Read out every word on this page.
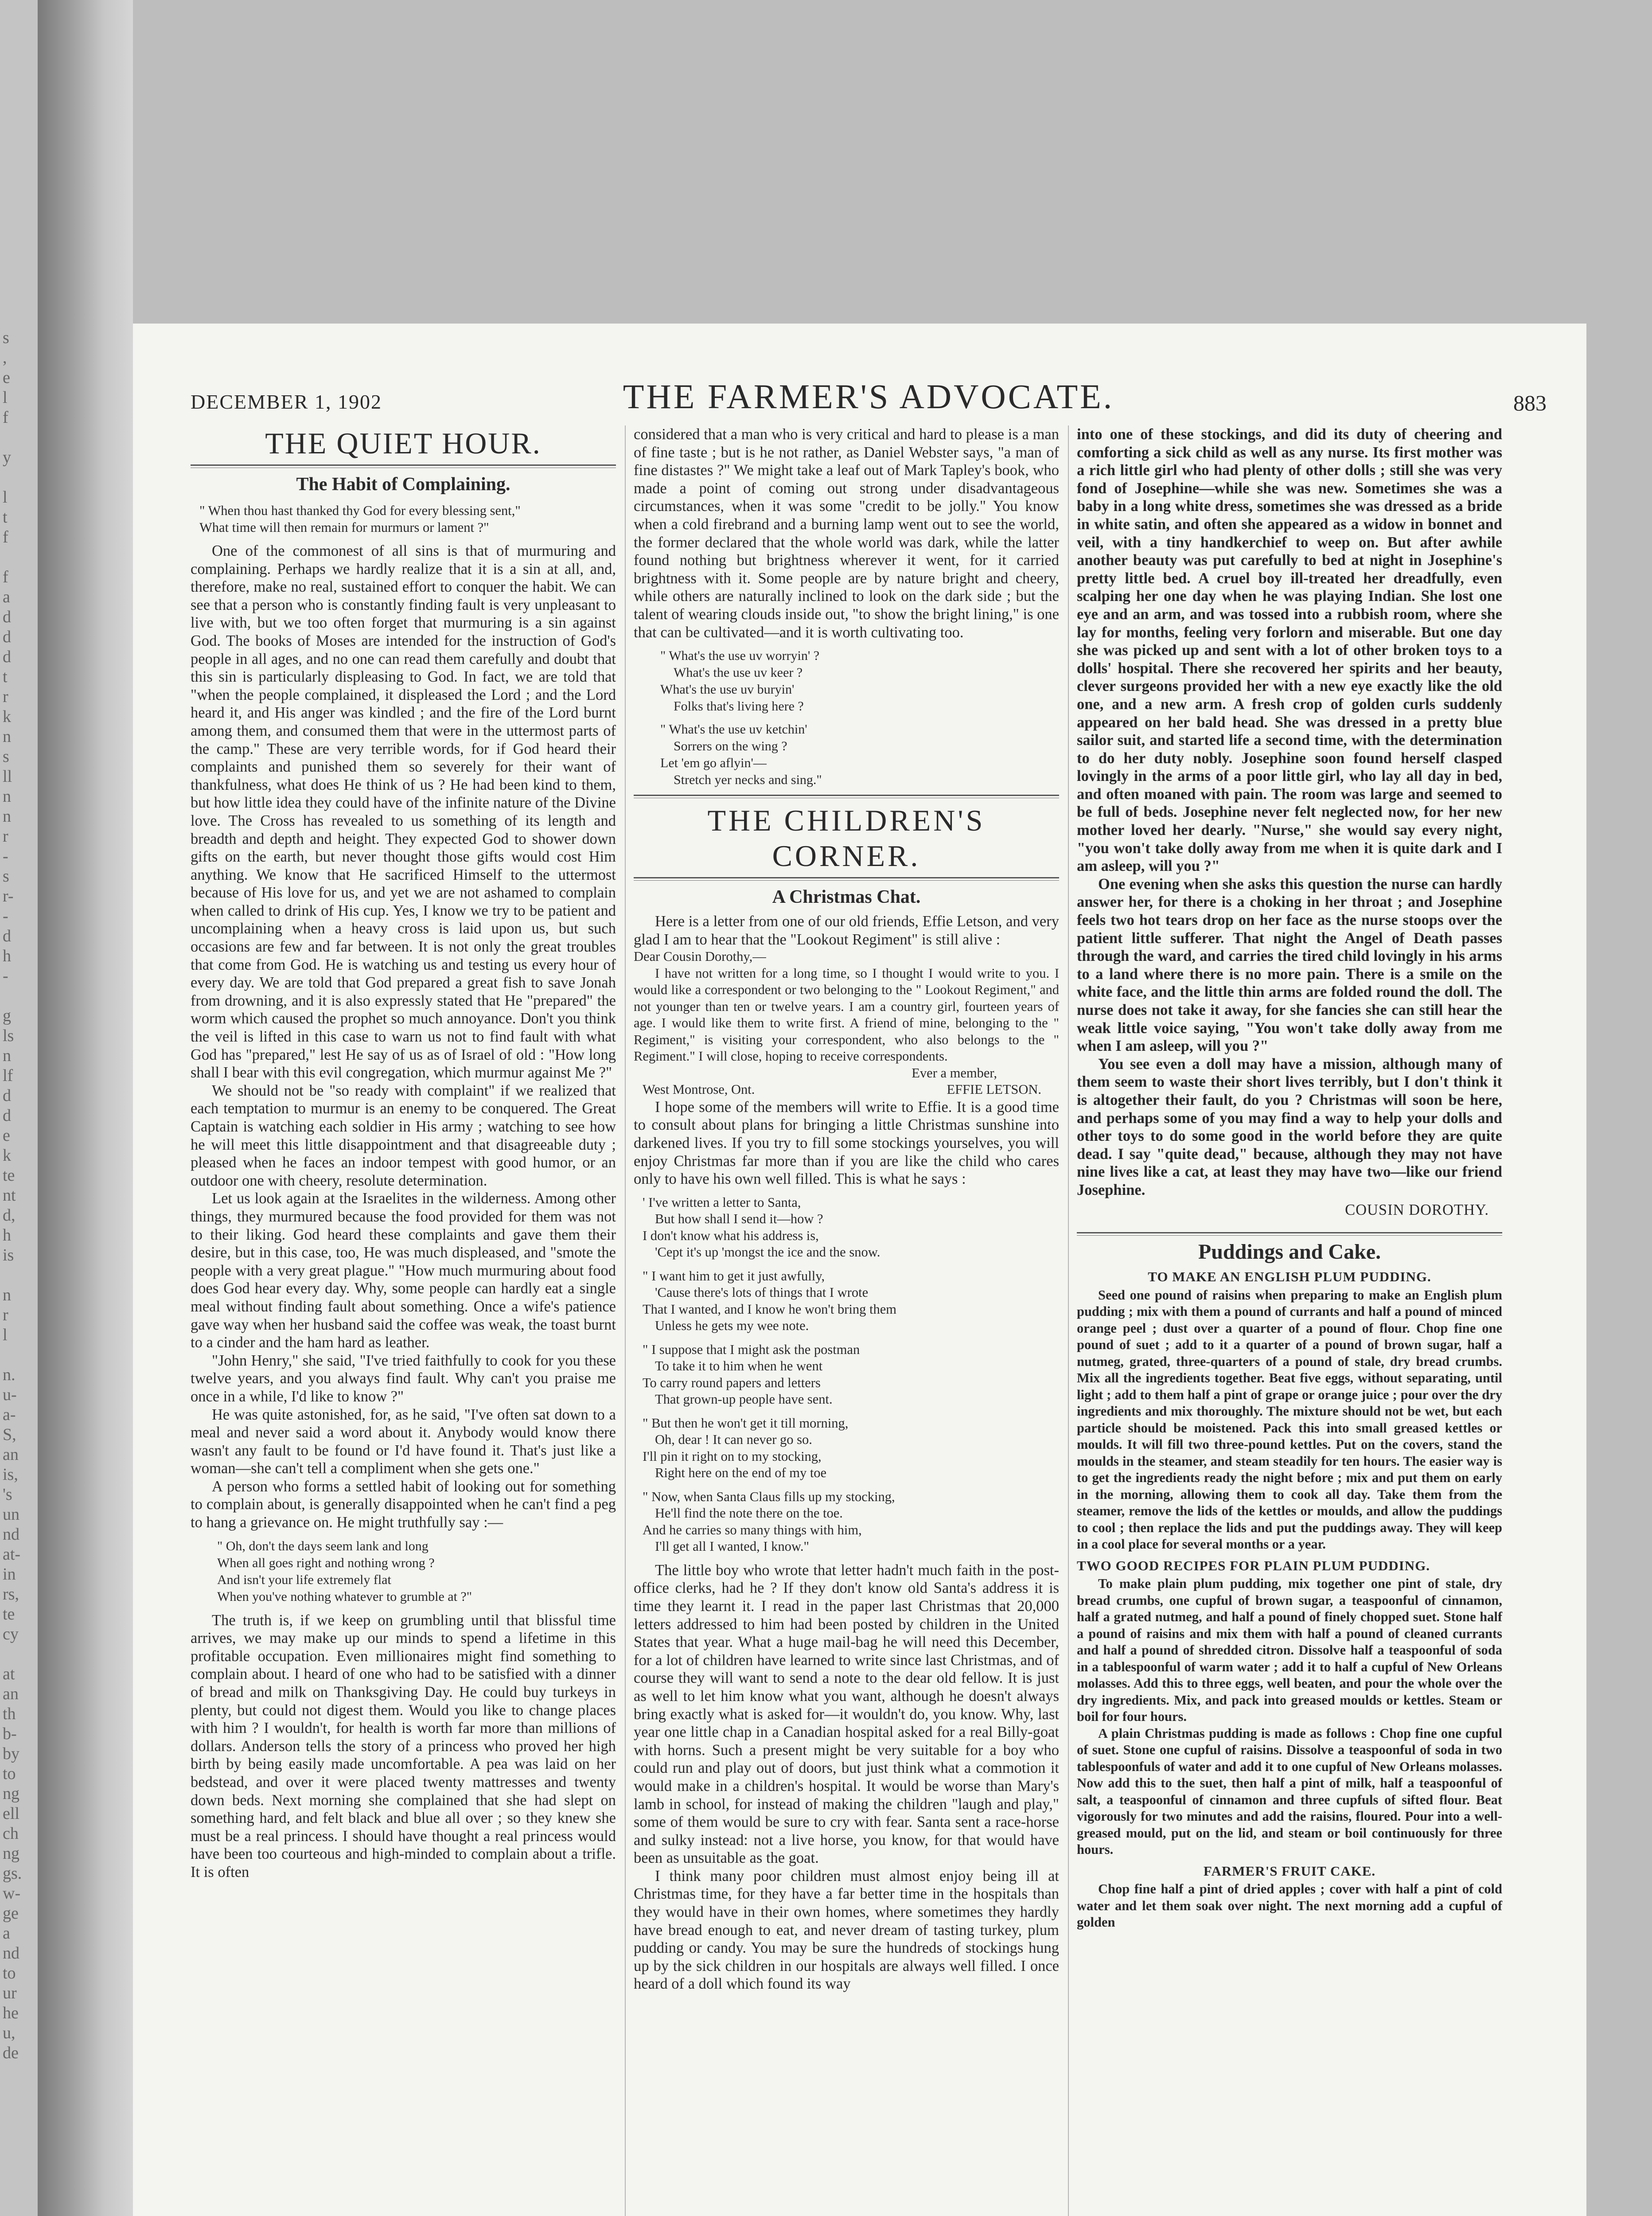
s
,
e
l
f

y

l
t
f

f
a
d
d
d
t
r
k
n
s
ll
n
n
r
-
s
r-
-
d
h
-

g
ls
n
lf
d
d
e
k
te
nt
d,
h
is

n
r
l

n.
u-
a-
S,
an
is,
's
un
nd
at-
in
rs,
te
cy

at
an
th
b-
by
to
ng
ell
ch
ng
gs.
w-
ge
a
nd
to
ur
he
u,
de
DECEMBER 1, 1902	THE FARMER'S ADVOCATE.	883
THE QUIET HOUR.
The Habit of Complaining.
" When thou hast thanked thy God for every blessing sent,"
What time will then remain for murmurs or lament ?"

One of the commonest of all sins is that of murmuring and complaining. Perhaps we hardly realize that it is a sin at all, and, therefore, make no real, sustained effort to conquer the habit. We can see that a person who is constantly finding fault is very unpleasant to live with, but we too often forget that murmuring is a sin against God. The books of Moses are intended for the instruction of God's people in all ages, and no one can read them carefully and doubt that this sin is particularly displeasing to God. In fact, we are told that "when the people complained, it displeased the Lord ; and the Lord heard it, and His anger was kindled ; and the fire of the Lord burnt among them, and consumed them that were in the uttermost parts of the camp." These are very terrible words, for if God heard their complaints and punished them so severely for their want of thankfulness, what does He think of us ? He had been kind to them, but how little idea they could have of the infinite nature of the Divine love. The Cross has revealed to us something of its length and breadth and depth and height. They expected God to shower down gifts on the earth, but never thought those gifts would cost Him anything. We know that He sacrificed Himself to the uttermost because of His love for us, and yet we are not ashamed to complain when called to drink of His cup. Yes, I know we try to be patient and uncomplaining when a heavy cross is laid upon us, but such occasions are few and far between. It is not only the great troubles that come from God. He is watching us and testing us every hour of every day. We are told that God prepared a great fish to save Jonah from drowning, and it is also expressly stated that He "prepared" the worm which caused the prophet so much annoyance. Don't you think the veil is lifted in this case to warn us not to find fault with what God has "prepared," lest He say of us as of Israel of old : "How long shall I bear with this evil congregation, which murmur against Me ?"

We should not be "so ready with complaint" if we realized that each temptation to murmur is an enemy to be conquered. The Great Captain is watching each soldier in His army ; watching to see how he will meet this little disappointment and that disagreeable duty ; pleased when he faces an indoor tempest with good humor, or an outdoor one with cheery, resolute determination.

Let us look again at the Israelites in the wilderness. Among other things, they murmured because the food provided for them was not to their liking. God heard these complaints and gave them their desire, but in this case, too, He was much displeased, and "smote the people with a very great plague." "How much murmuring about food does God hear every day. Why, some people can hardly eat a single meal without finding fault about something. Once a wife's patience gave way when her husband said the coffee was weak, the toast burnt to a cinder and the ham hard as leather.

"John Henry," she said, "I've tried faithfully to cook for you these twelve years, and you always find fault. Why can't you praise me once in a while, I'd like to know ?"

He was quite astonished, for, as he said, "I've often sat down to a meal and never said a word about it. Anybody would know there wasn't any fault to be found or I'd have found it. That's just like a woman—she can't tell a compliment when she gets one."

A person who forms a settled habit of looking out for something to complain about, is generally disappointed when he can't find a peg to hang a grievance on. He might truthfully say :—

" Oh, don't the days seem lank and long
When all goes right and nothing wrong ?
And isn't your life extremely flat
When you've nothing whatever to grumble at ?"

The truth is, if we keep on grumbling until that blissful time arrives, we may make up our minds to spend a lifetime in this profitable occupation. Even millionaires might find something to complain about. I heard of one who had to be satisfied with a dinner of bread and milk on Thanksgiving Day. He could buy turkeys in plenty, but could not digest them. Would you like to change places with him ? I wouldn't, for health is worth far more than millions of dollars. Anderson tells the story of a princess who proved her high birth by being easily made uncomfortable. A pea was laid on her bedstead, and over it were placed twenty mattresses and twenty down beds. Next morning she complained that she had slept on something hard, and felt black and blue all over ; so they knew she must be a real princess. I should have thought a real princess would have been too courteous and high-minded to complain about a trifle. It is often

considered that a man who is very critical and hard to please is a man of fine taste ; but is he not rather, as Daniel Webster says, "a man of fine distastes ?" We might take a leaf out of Mark Tapley's book, who made a point of coming out strong under disadvantageous circumstances, when it was some "credit to be jolly." You know when a cold firebrand and a burning lamp went out to see the world, the former declared that the whole world was dark, while the latter found nothing but brightness wherever it went, for it carried brightness with it. Some people are by nature bright and cheery, while others are naturally inclined to look on the dark side ; but the talent of wearing clouds inside out, "to show the bright lining," is one that can be cultivated—and it is worth cultivating too.

" What's the use uv worryin' ?
What's the use uv keer ?
What's the use uv buryin'
Folks that's living here ?
" What's the use uv ketchin'
Sorrers on the wing ?
Let 'em go aflyin'—
Stretch yer necks and sing."
THE CHILDREN'S CORNER.
A Christmas Chat.

Here is a letter from one of our old friends, Effie Letson, and very glad I am to hear that the "Lookout Regiment" is still alive :

Dear Cousin Dorothy,—

I have not written for a long time, so I thought I would write to you. I would like a correspondent or two belonging to the " Lookout Regiment," and not younger than ten or twelve years. I am a country girl, fourteen years of age. I would like them to write first. A friend of mine, belonging to the " Regiment," is visiting your correspondent, who also belongs to the " Regiment." I will close, hoping to receive correspondents.

Ever a member,

West Montrose, Ont.	EFFIE LETSON.

I hope some of the members will write to Effie. It is a good time to consult about plans for bringing a little Christmas sunshine into darkened lives. If you try to fill some stockings yourselves, you will enjoy Christmas far more than if you are like the child who cares only to have his own well filled. This is what he says :

' I've written a letter to Santa,
But how shall I send it—how ?
I don't know what his address is,
'Cept it's up 'mongst the ice and the snow.
" I want him to get it just awfully,
'Cause there's lots of things that I wrote
That I wanted, and I know he won't bring them
Unless he gets my wee note.
" I suppose that I might ask the postman
To take it to him when he went
To carry round papers and letters
That grown-up people have sent.
" But then he won't get it till morning,
Oh, dear ! It can never go so.
I'll pin it right on to my stocking,
Right here on the end of my toe
" Now, when Santa Claus fills up my stocking,
He'll find the note there on the toe.
And he carries so many things with him,
I'll get all I wanted, I know."

The little boy who wrote that letter hadn't much faith in the post-office clerks, had he ? If they don't know old Santa's address it is time they learnt it. I read in the paper last Christmas that 20,000 letters addressed to him had been posted by children in the United States that year. What a huge mail-bag he will need this December, for a lot of children have learned to write since last Christmas, and of course they will want to send a note to the dear old fellow. It is just as well to let him know what you want, although he doesn't always bring exactly what is asked for—it wouldn't do, you know. Why, last year one little chap in a Canadian hospital asked for a real Billy-goat with horns. Such a present might be very suitable for a boy who could run and play out of doors, but just think what a commotion it would make in a children's hospital. It would be worse than Mary's lamb in school, for instead of making the children "laugh and play," some of them would be sure to cry with fear. Santa sent a race-horse and sulky instead: not a live horse, you know, for that would have been as unsuitable as the goat.

I think many poor children must almost enjoy being ill at Christmas time, for they have a far better time in the hospitals than they would have in their own homes, where sometimes they hardly have bread enough to eat, and never dream of tasting turkey, plum pudding or candy. You may be sure the hundreds of stockings hung up by the sick children in our hospitals are always well filled. I once heard of a doll which found its way

into one of these stockings, and did its duty of cheering and comforting a sick child as well as any nurse. Its first mother was a rich little girl who had plenty of other dolls ; still she was very fond of Josephine—while she was new. Sometimes she was a baby in a long white dress, sometimes she was dressed as a bride in white satin, and often she appeared as a widow in bonnet and veil, with a tiny handkerchief to weep on. But after awhile another beauty was put carefully to bed at night in Josephine's pretty little bed. A cruel boy ill-treated her dreadfully, even scalping her one day when he was playing Indian. She lost one eye and an arm, and was tossed into a rubbish room, where she lay for months, feeling very forlorn and miserable. But one day she was picked up and sent with a lot of other broken toys to a dolls' hospital. There she recovered her spirits and her beauty, clever surgeons provided her with a new eye exactly like the old one, and a new arm. A fresh crop of golden curls suddenly appeared on her bald head. She was dressed in a pretty blue sailor suit, and started life a second time, with the determination to do her duty nobly. Josephine soon found herself clasped lovingly in the arms of a poor little girl, who lay all day in bed, and often moaned with pain. The room was large and seemed to be full of beds. Josephine never felt neglected now, for her new mother loved her dearly. "Nurse," she would say every night, "you won't take dolly away from me when it is quite dark and I am asleep, will you ?"

One evening when she asks this question the nurse can hardly answer her, for there is a choking in her throat ; and Josephine feels two hot tears drop on her face as the nurse stoops over the patient little sufferer. That night the Angel of Death passes through the ward, and carries the tired child lovingly in his arms to a land where there is no more pain. There is a smile on the white face, and the little thin arms are folded round the doll. The nurse does not take it away, for she fancies she can still hear the weak little voice saying, "You won't take dolly away from me when I am asleep, will you ?"

You see even a doll may have a mission, although many of them seem to waste their short lives terribly, but I don't think it is altogether their fault, do you ? Christmas will soon be here, and perhaps some of you may find a way to help your dolls and other toys to do some good in the world before they are quite dead. I say "quite dead," because, although they may not have nine lives like a cat, at least they may have two—like our friend Josephine.

COUSIN DOROTHY.
Puddings and Cake.
TO MAKE AN ENGLISH PLUM PUDDING.

Seed one pound of raisins when preparing to make an English plum pudding ; mix with them a pound of currants and half a pound of minced orange peel ; dust over a quarter of a pound of flour. Chop fine one pound of suet ; add to it a quarter of a pound of brown sugar, half a nutmeg, grated, three-quarters of a pound of stale, dry bread crumbs. Mix all the ingredients together. Beat five eggs, without separating, until light ; add to them half a pint of grape or orange juice ; pour over the dry ingredients and mix thoroughly. The mixture should not be wet, but each particle should be moistened. Pack this into small greased kettles or moulds. It will fill two three-pound kettles. Put on the covers, stand the moulds in the steamer, and steam steadily for ten hours. The easier way is to get the ingredients ready the night before ; mix and put them on early in the morning, allowing them to cook all day. Take them from the steamer, remove the lids of the kettles or moulds, and allow the puddings to cool ; then replace the lids and put the puddings away. They will keep in a cool place for several months or a year.

TWO GOOD RECIPES FOR PLAIN PLUM PUDDING.

To make plain plum pudding, mix together one pint of stale, dry bread crumbs, one cupful of brown sugar, a teaspoonful of cinnamon, half a grated nutmeg, and half a pound of finely chopped suet. Stone half a pound of raisins and mix them with half a pound of cleaned currants and half a pound of shredded citron. Dissolve half a teaspoonful of soda in a tablespoonful of warm water ; add it to half a cupful of New Orleans molasses. Add this to three eggs, well beaten, and pour the whole over the dry ingredients. Mix, and pack into greased moulds or kettles. Steam or boil for four hours.

A plain Christmas pudding is made as follows : Chop fine one cupful of suet. Stone one cupful of raisins. Dissolve a teaspoonful of soda in two tablespoonfuls of water and add it to one cupful of New Orleans molasses. Now add this to the suet, then half a pint of milk, half a teaspoonful of salt, a teaspoonful of cinnamon and three cupfuls of sifted flour. Beat vigorously for two minutes and add the raisins, floured. Pour into a well-greased mould, put on the lid, and steam or boil continuously for three hours.

FARMER'S FRUIT CAKE.

Chop fine half a pint of dried apples ; cover with half a pint of cold water and let them soak over night. The next morning add a cupful of golden
